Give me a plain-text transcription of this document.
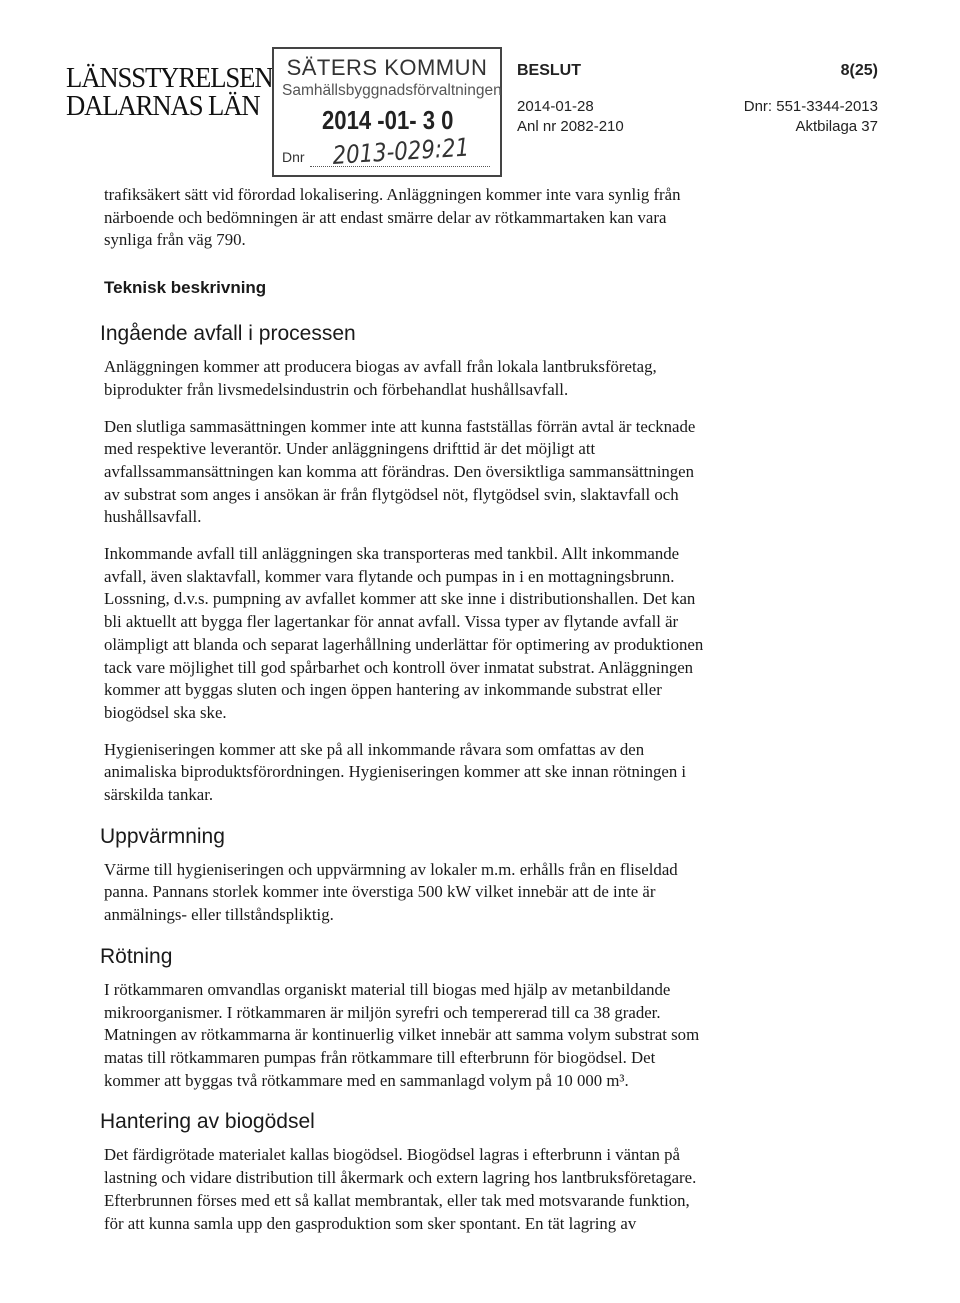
LÄNSSTYRELSEN
DALARNAS LÄN
SÄTERS KOMMUN
Samhällsbyggnadsförvaltningen
2014 -01- 3 0
Dnr 2013-029:21
BESLUT
2014-01-28
Anl nr 2082-210
8(25)
Dnr: 551-3344-2013
Aktbilaga 37
trafiksäkert sätt vid förordad lokalisering. Anläggningen kommer inte vara synlig från
närboende och bedömningen är att endast smärre delar av rötkammartaken kan vara
synliga från väg 790.
Teknisk beskrivning
Ingående avfall i processen
Anläggningen kommer att producera biogas av avfall från lokala lantbruksföretag,
biprodukter från livsmedelsindustrin och förbehandlat hushållsavfall.
Den slutliga sammasättningen kommer inte att kunna fastställas förrän avtal är tecknade
med respektive leverantör. Under anläggningens drifttid är det möjligt att
avfallssammansättningen kan komma att förändras. Den översiktliga sammansättningen
av substrat som anges i ansökan är från flytgödsel nöt, flytgödsel svin, slaktavfall och
hushållsavfall.
Inkommande avfall till anläggningen ska transporteras med tankbil. Allt inkommande
avfall, även slaktavfall, kommer vara flytande och pumpas in i en mottagningsbrunn.
Lossning, d.v.s. pumpning av avfallet kommer att ske inne i distributionshallen. Det kan
bli aktuellt att bygga fler lagertankar för annat avfall. Vissa typer av flytande avfall är
olämpligt att blanda och separat lagerhållning underlättar för optimering av produktionen
tack vare möjlighet till god spårbarhet och kontroll över inmatat substrat. Anläggningen
kommer att byggas sluten och ingen öppen hantering av inkommande substrat eller
biogödsel ska ske.
Hygieniseringen kommer att ske på all inkommande råvara som omfattas av den
animaliska biproduktsförordningen. Hygieniseringen kommer att ske innan rötningen i
särskilda tankar.
Uppvärmning
Värme till hygieniseringen och uppvärmning av lokaler m.m. erhålls från en fliseldad
panna. Pannans storlek kommer inte överstiga 500 kW vilket innebär att de inte är
anmälnings- eller tillståndspliktig.
Rötning
I rötkammaren omvandlas organiskt material till biogas med hjälp av metanbildande
mikroorganismer. I rötkammaren är miljön syrefri och tempererad till ca 38 grader.
Matningen av rötkammarna är kontinuerlig vilket innebär att samma volym substrat som
matas till rötkammaren pumpas från rötkammare till efterbrunn för biogödsel. Det
kommer att byggas två rötkammare med en sammanlagd volym på 10 000 m³.
Hantering av biogödsel
Det färdigrötade materialet kallas biogödsel. Biogödsel lagras i efterbrunn i väntan på
lastning och vidare distribution till åkermark och extern lagring hos lantbruksföretagare.
Efterbrunnen förses med ett så kallat membrantak, eller tak med motsvarande funktion,
för att kunna samla upp den gasproduktion som sker spontant. En tät lagring av
